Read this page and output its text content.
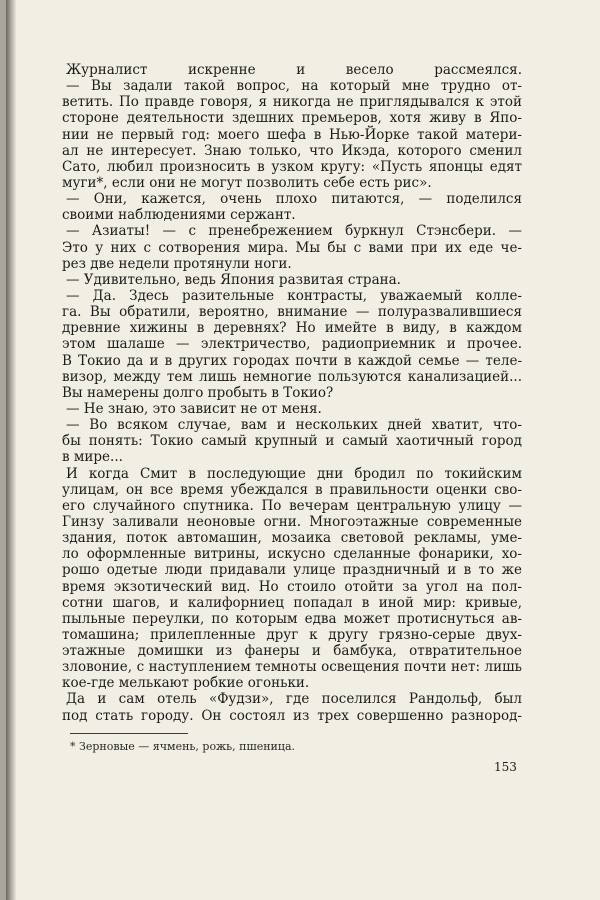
Журналист искренне и весело рассмеялся.
— Вы задали такой вопрос, на который мне трудно от-
ветить. По правде говоря, я никогда не приглядывался к этой
стороне деятельности здешних премьеров, хотя живу в Япо-
нии не первый год: моего шефа в Нью-Йорке такой матери-
ал не интересует. Знаю только, что Икэда, которого сменил
Сато, любил произносить в узком кругу: «Пусть японцы едят
муги*, если они не могут позволить себе есть рис».
— Они, кажется, очень плохо питаются, — поделился
своими наблюдениями сержант.
— Азиаты! — с пренебрежением буркнул Стэнсбери. —
Это у них с сотворения мира. Мы бы с вами при их еде че-
рез две недели протянули ноги.
— Удивительно, ведь Япония развитая страна.
— Да. Здесь разительные контрасты, уважаемый колле-
га. Вы обратили, вероятно, внимание — полуразвалившиеся
древние хижины в деревнях? Но имейте в виду, в каждом
этом шалаше — электричество, радиоприемник и прочее.
В Токио да и в других городах почти в каждой семье — теле-
визор, между тем лишь немногие пользуются канализацией...
Вы намерены долго пробыть в Токио?
— Не знаю, это зависит не от меня.
— Во всяком случае, вам и нескольких дней хватит, что-
бы понять: Токио самый крупный и самый хаотичный город
в мире...
И когда Смит в последующие дни бродил по токийским
улицам, он все время убеждался в правильности оценки сво-
его случайного спутника. По вечерам центральную улицу —
Гинзу заливали неоновые огни. Многоэтажные современные
здания, поток автомашин, мозаика световой рекламы, уме-
ло оформленные витрины, искусно сделанные фонарики, хо-
рошо одетые люди придавали улице праздничный и в то же
время экзотический вид. Но стоило отойти за угол на пол-
сотни шагов, и калифорниец попадал в иной мир: кривые,
пыльные переулки, по которым едва может протиснуться ав-
томашина; прилепленные друг к другу грязно-серые двух-
этажные домишки из фанеры и бамбука, отвратительное
зловоние, с наступлением темноты освещения почти нет: лишь
кое-где мелькают робкие огоньки.
Да и сам отель «Фудзи», где поселился Рандольф, был
под стать городу. Он состоял из трех совершенно разнород-
* Зерновые — ячмень, рожь, пшеница.
153
